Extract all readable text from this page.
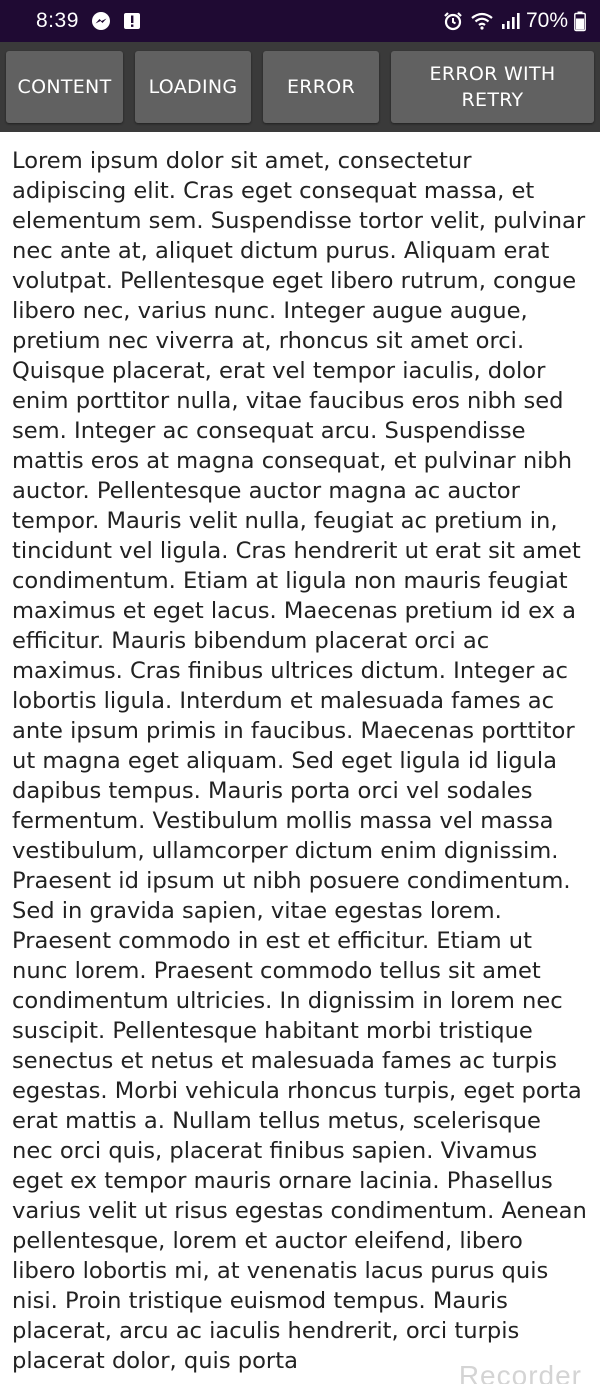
8:39	70%
CONTENT	LOADING	ERROR
ERROR WITH RETRY

Lorem ipsum dolor sit amet, consectetur adipiscing elit. Cras eget consequat massa, et elementum sem. Suspendisse tortor velit, pulvinar nec ante at, aliquet dictum purus. Aliquam erat volutpat. Pellentesque eget libero rutrum, congue libero nec, varius nunc. Integer augue augue, pretium nec viverra at, rhoncus sit amet orci. Quisque placerat, erat vel tempor iaculis, dolor enim porttitor nulla, vitae faucibus eros nibh sed sem. Integer ac consequat arcu. Suspendisse mattis eros at magna consequat, et pulvinar nibh auctor. Pellentesque auctor magna ac auctor tempor. Mauris velit nulla, feugiat ac pretium in, tincidunt vel ligula. Cras hendrerit ut erat sit amet condimentum. Etiam at ligula non mauris feugiat maximus et eget lacus. Maecenas pretium id ex a efficitur. Mauris bibendum placerat orci ac maximus. Cras finibus ultrices dictum. Integer ac lobortis ligula. Interdum et malesuada fames ac ante ipsum primis in faucibus. Maecenas porttitor ut magna eget aliquam. Sed eget ligula id ligula dapibus tempus. Mauris porta orci vel sodales fermentum. Vestibulum mollis massa vel massa vestibulum, ullamcorper dictum enim dignissim. Praesent id ipsum ut nibh posuere condimentum. Sed in gravida sapien, vitae egestas lorem. Praesent commodo in est et efficitur. Etiam ut nunc lorem. Praesent commodo tellus sit amet condimentum ultricies. In dignissim in lorem nec suscipit. Pellentesque habitant morbi tristique senectus et netus et malesuada fames ac turpis egestas. Morbi vehicula rhoncus turpis, eget porta erat mattis a. Nullam tellus metus, scelerisque nec orci quis, placerat finibus sapien. Vivamus eget ex tempor mauris ornare lacinia. Phasellus varius velit ut risus egestas condimentum. Aenean pellentesque, lorem et auctor eleifend, libero libero lobortis mi, at venenatis lacus purus quis nisi. Proin tristique euismod tempus. Mauris placerat, arcu ac iaculis hendrerit, orci turpis placerat dolor, quis porta	Recorder
